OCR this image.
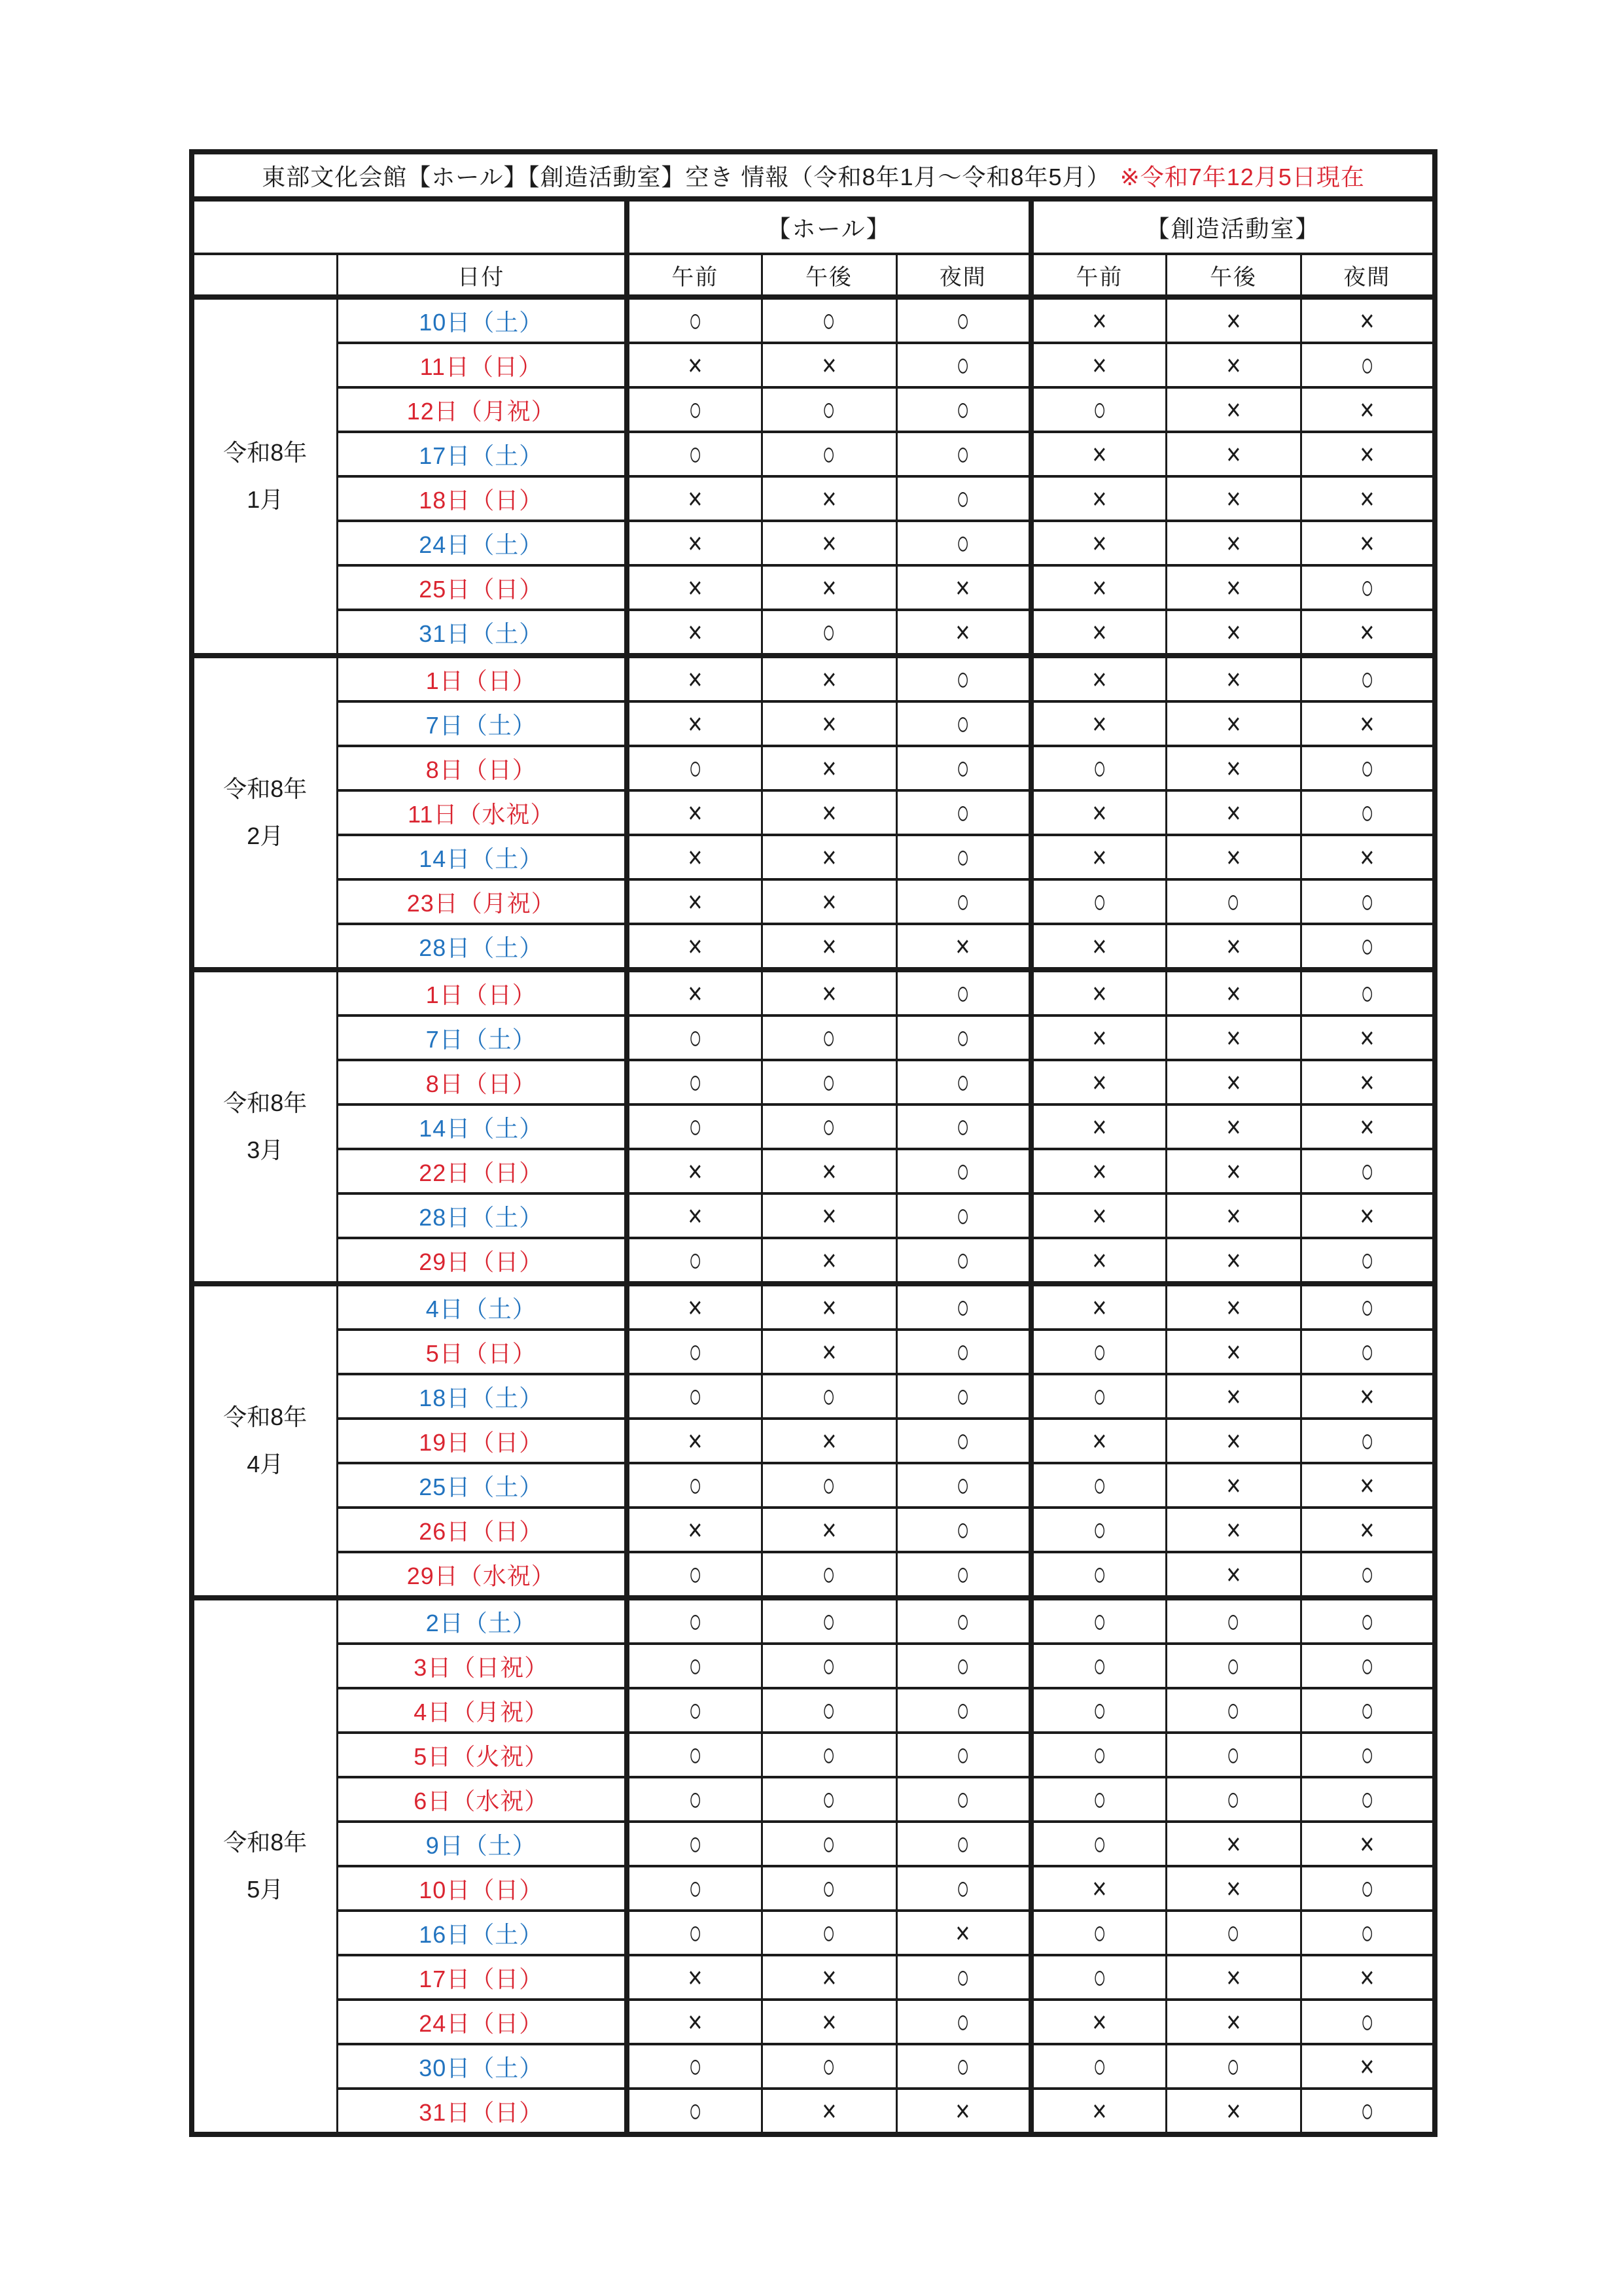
東部文化会館【ホール】【創造活動室】空き 情報（令和8年1月～令和8年5月） ※令和7年12月5日現在							
		【ホール】			【創造活動室】		
	日付	午前	午後	夜間	午前	午後	夜間

令和8年
1月	10日（土）	○	○	○	×	×	×
	11日（日）	×	×	○	×	×	○
	12日（月祝）	○	○	○	○	×	×
	17日（土）	○	○	○	×	×	×
	18日（日）	×	×	○	×	×	×
	24日（土）	×	×	○	×	×	×
	25日（日）	×	×	×	×	×	○
	31日（土）	×	○	×	×	×	×

令和8年
2月	1日（日）	×	×	○	×	×	○
	7日（土）	×	×	○	×	×	×
	8日（日）	○	×	○	○	×	○
	11日（水祝）	×	×	○	×	×	○
	14日（土）	×	×	○	×	×	×
	23日（月祝）	×	×	○	○	○	○
	28日（土）	×	×	×	×	×	○

令和8年
3月	1日（日）	×	×	○	×	×	○
	7日（土）	○	○	○	×	×	×
	8日（日）	○	○	○	×	×	×
	14日（土）	○	○	○	×	×	×
	22日（日）	×	×	○	×	×	○
	28日（土）	×	×	○	×	×	×
	29日（日）	○	×	○	×	×	○

令和8年
4月	4日（土）	×	×	○	×	×	○
	5日（日）	○	×	○	○	×	○
	18日（土）	○	○	○	○	×	×
	19日（日）	×	×	○	×	×	○
	25日（土）	○	○	○	○	×	×
	26日（日）	×	×	○	○	×	×
	29日（水祝）	○	○	○	○	×	○

令和8年
5月	2日（土）	○	○	○	○	○	○
	3日（日祝）	○	○	○	○	○	○
	4日（月祝）	○	○	○	○	○	○
	5日（火祝）	○	○	○	○	○	○
	6日（水祝）	○	○	○	○	○	○
	9日（土）	○	○	○	○	×	×
	10日（日）	○	○	○	×	×	○
	16日（土）	○	○	×	○	○	○
	17日（日）	×	×	○	○	×	×
	24日（日）	×	×	○	×	×	○
	30日（土）	○	○	○	○	○	×
	31日（日）	○	×	×	×	×	○
